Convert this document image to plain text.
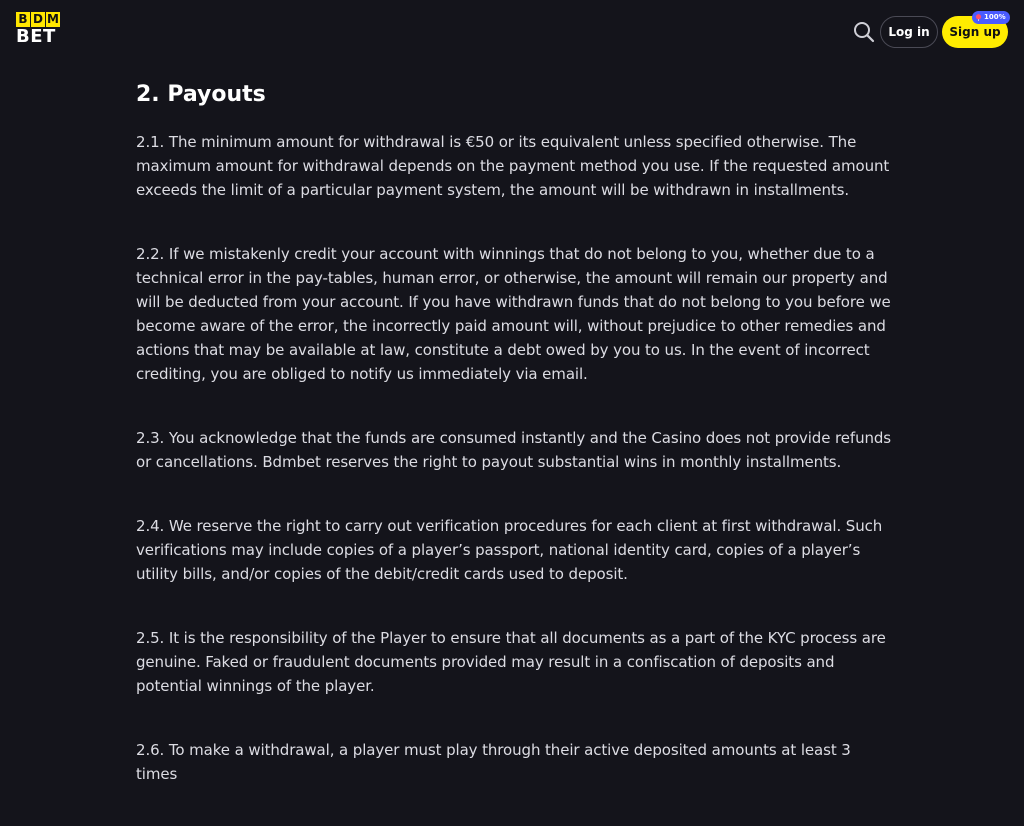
B D M
BET	Log in	Sign up
100%
2. Payouts

2.1. The minimum amount for withdrawal is €50 or its equivalent unless specified otherwise. The maximum amount for withdrawal depends on the payment method you use. If the requested amount exceeds the limit of a particular payment system, the amount will be withdrawn in installments.

2.2. If we mistakenly credit your account with winnings that do not belong to you, whether due to a technical error in the pay-tables, human error, or otherwise, the amount will remain our property and will be deducted from your account. If you have withdrawn funds that do not belong to you before we become aware of the error, the incorrectly paid amount will, without prejudice to other remedies and actions that may be available at law, constitute a debt owed by you to us. In the event of incorrect crediting, you are obliged to notify us immediately via email.

2.3. You acknowledge that the funds are consumed instantly and the Casino does not provide refunds or cancellations. Bdmbet reserves the right to payout substantial wins in monthly installments.

2.4. We reserve the right to carry out verification procedures for each client at first withdrawal. Such verifications may include copies of a player’s passport, national identity card, copies of a player’s utility bills, and/or copies of the debit/credit cards used to deposit.

2.5. It is the responsibility of the Player to ensure that all documents as a part of the KYC process are genuine. Faked or fraudulent documents provided may result in a confiscation of deposits and potential winnings of the player.

2.6. To make a withdrawal, a player must play through their active deposited amounts at least 3 times
